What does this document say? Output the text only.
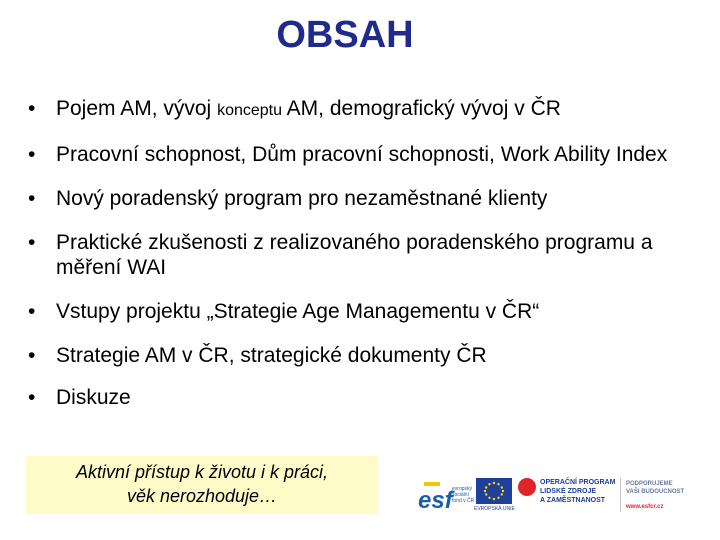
OBSAH
• Pojem AM, vývoj konceptu AM, demografický vývoj v ČR
• Pracovní schopnost, Dům pracovní schopnosti, Work Ability Index
• Nový poradenský program pro nezaměstnané klienty
• Praktické zkušenosti z realizovaného poradenského programu a měření WAI
• Vstupy projektu „Strategie Age Managementu v ČR“
• Strategie AM v ČR, strategické dokumenty ČR
• Diskuze
Aktivní přístup k životu i k práci,
věk nerozhoduje…	esf evropský
sociální
fond v ČR
EVROPSKÁ UNIE
OPERAČNÍ PROGRAM
LIDSKÉ ZDROJE
A ZAMĚSTNANOST
PODPORUJEME
VAŠI BUDOUCNOST
www.esfcr.cz
